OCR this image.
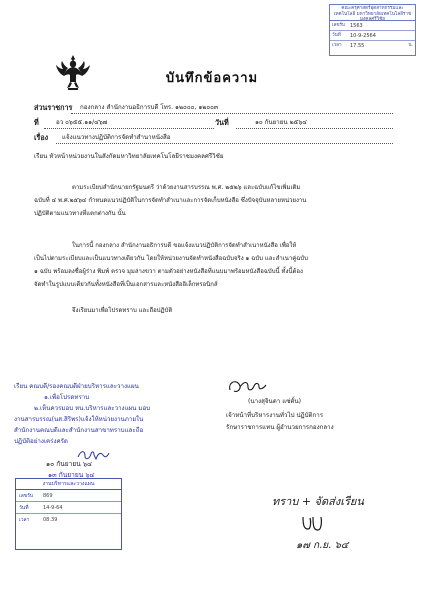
คณะครุศาสตร์อุตสาหกรรมและเทคโนโลยี มหาวิทยาลัยเทคโนโลยีราชมงคลศรีวิชัย
เลขรับ	1563
วันที่	10-9-2564
เวลา	17.55	น.
บันทึกข้อความ
ส่วนราชการ กองกลาง สำนักงานอธิการบดี โทร. ๑๒๐๐๐, ๑๒๐๐๓
ที่	อว ๐๖๕๕.๑๑/๔๖๗	วันที่	๑๐ กันยายน ๒๕๖๔
เรื่อง แจ้งแนวทางปฏิบัติการจัดทำสำนาหนังสือ
เรียน หัวหน้าหน่วยงานในสังกัดมหาวิทยาลัยเทคโนโลยีราชมงคลศรีวิชัย
ตามระเบียบสำนักนายกรัฐมนตรี ว่าด้วยงานสารบรรณ พ.ศ. ๒๕๒๖ และฉบับแก้ไขเพิ่มเติม
ฉบับที่ ๔ พ.ศ.๒๕๖๔ กำหนดแนวปฏิบัติในการจัดทำสำเนาและการจัดเก็บหนังสือ ซึ่งปัจจุบันหลายหน่วยงาน
ปฏิบัติตามแนวทางที่แตกต่างกัน นั้น
ในการนี้ กองกลาง สำนักงานอธิการบดี ขอแจ้งแนวปฏิบัติการจัดทำสำเนาหนังสือ เพื่อให้
เป็นไปตามระเบียบและเป็นแนวทางเดียวกัน โดยให้หน่วยงานจัดทำหนังสือฉบับจริง ๑ ฉบับ และสำเนาคู่ฉบับ
๑ ฉบับ พร้อมลงชื่อผู้ร่าง พิมพ์ ตรวจ มุมล่างขวา ตามตัวอย่างหนังสือที่แนบมาพร้อมหนังสือฉบับนี้ ทั้งนี้ต้อง
จัดทำในรูปแบบเดียวกันทั้งหนังสือที่เป็นเอกสารและหนังสืออิเล็กทรอนิกส์
จึงเรียนมาเพื่อโปรดทราบ และถือปฏิบัติ
เรียน คณบดี/รองคณบดีฝ่ายบริหารและวางแผน
๑.เพื่อโปรดทราบ
๒.เห็นควรมอบ หน.บริหารและวางแผน มอบ
งานสารบรรณ(นส.สิริพร)แจ้งให้หน่วยงานภายใน
สำนักงานคณบดีและสำนักงานสาขาทราบและถือ
ปฏิบัติอย่างเคร่งครัด
๑๐ กันยายน ๖๔
๑๓ กันยายน ๖๔
งานบริหารและวางแผน
เลขรับ	869
วันที่	14-9-64
เวลา	08.39
(นางสุจินดา แซ่ตั้น)
เจ้าหน้าที่บริหารงานทั่วไป ปฏิบัติการ
รักษาราชการแทน ผู้อำนวยการกองกลาง
ทราบ + จัดส่งเรียน
๑๗ ก.ย. ๖๔
